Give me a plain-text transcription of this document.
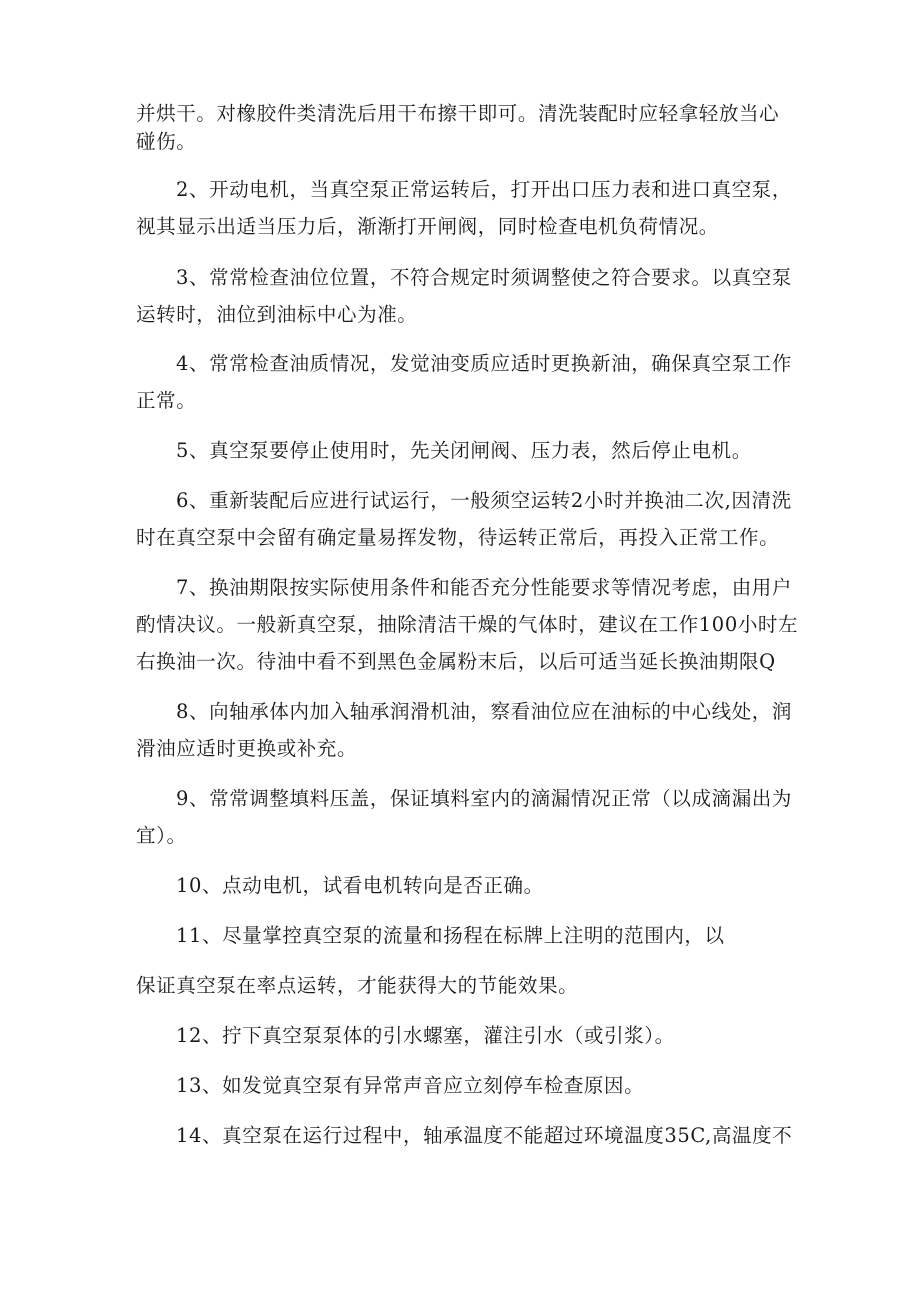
并烘干。对橡胶件类清洗后用干布擦干即可。清洗装配时应轻拿轻放当心
碰伤。
2、开动电机，当真空泵正常运转后，打开出口压力表和进口真空泵，
视其显示出适当压力后，渐渐打开闸阀，同时检查电机负荷情况。
3、常常检查油位位置，不符合规定时须调整使之符合要求。以真空泵
运转时，油位到油标中心为准。
4、常常检查油质情况，发觉油变质应适时更换新油，确保真空泵工作
正常。
5、真空泵要停止使用时，先关闭闸阀、压力表，然后停止电机。
6、重新装配后应进行试运行，一般须空运转2小时并换油二次,因清洗
时在真空泵中会留有确定量易挥发物，待运转正常后，再投入正常工作。
7、换油期限按实际使用条件和能否充分性能要求等情况考虑，由用户
酌情决议。一般新真空泵，抽除清洁干燥的气体时，建议在工作100小时左
右换油一次。待油中看不到黑色金属粉末后，以后可适当延长换油期限Q
8、向轴承体内加入轴承润滑机油，察看油位应在油标的中心线处，润
滑油应适时更换或补充。
9、常常调整填料压盖，保证填料室内的滴漏情况正常（以成滴漏出为
宜）。
10、点动电机，试看电机转向是否正确。
11、尽量掌控真空泵的流量和扬程在标牌上注明的范围内，以
保证真空泵在率点运转，才能获得大的节能效果。
12、拧下真空泵泵体的引水螺塞，灌注引水（或引浆）。
13、如发觉真空泵有异常声音应立刻停车检查原因。
14、真空泵在运行过程中，轴承温度不能超过环境温度35C,高温度不
